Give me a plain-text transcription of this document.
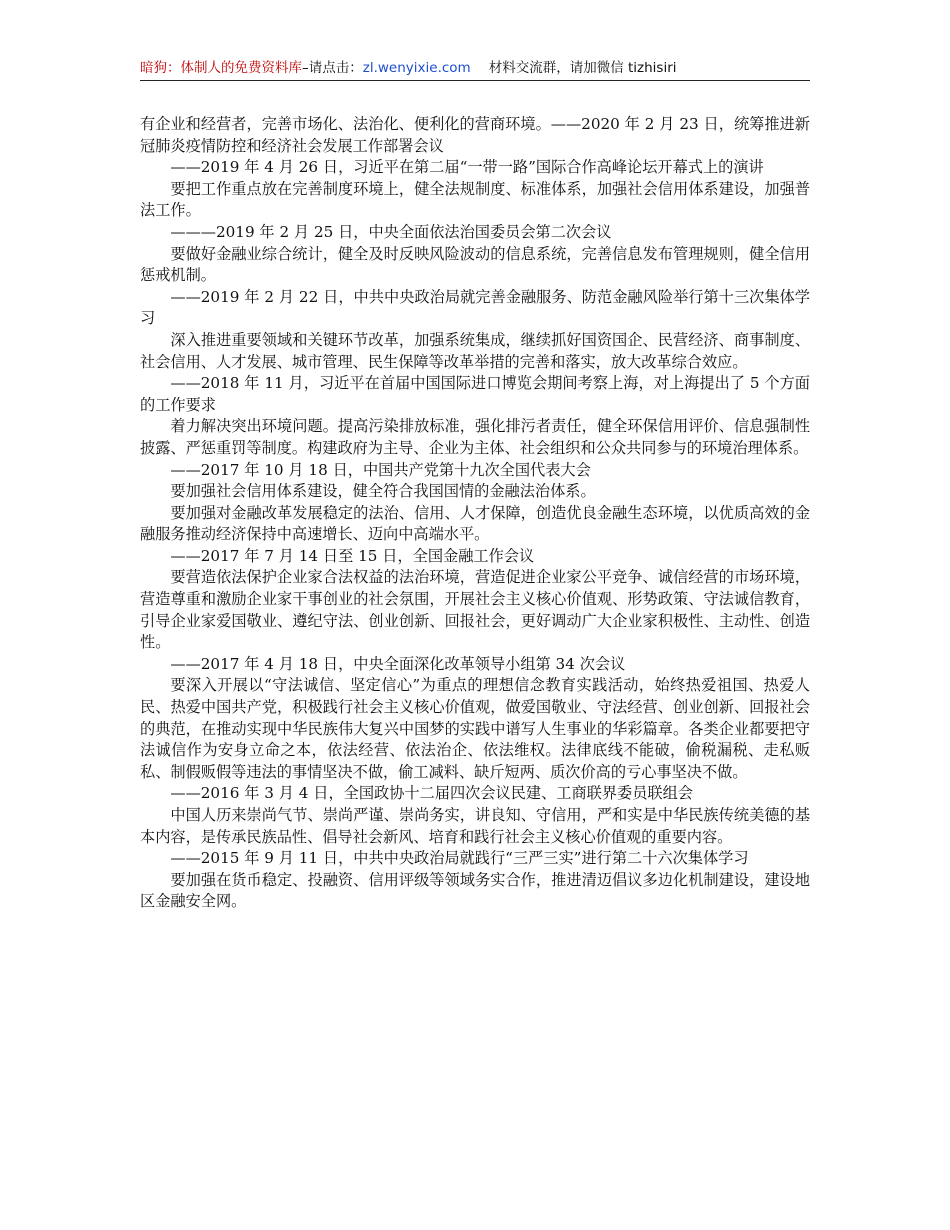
暗狗：体制人的免费资料库–请点击：zl.wenyixie.com 材料交流群，请加微信 tizhisiri

有企业和经营者，完善市场化、法治化、便利化的营商环境。——2020 年 2 月 23 日，统筹推进新冠肺炎疫情防控和经济社会发展工作部署会议

——2019 年 4 月 26 日，习近平在第二届“一带一路”国际合作高峰论坛开幕式上的演讲

要把工作重点放在完善制度环境上，健全法规制度、标准体系，加强社会信用体系建设，加强普法工作。

———2019 年 2 月 25 日，中央全面依法治国委员会第二次会议

要做好金融业综合统计，健全及时反映风险波动的信息系统，完善信息发布管理规则，健全信用惩戒机制。

——2019 年 2 月 22 日，中共中央政治局就完善金融服务、防范金融风险举行第十三次集体学习

深入推进重要领域和关键环节改革，加强系统集成，继续抓好国资国企、民营经济、商事制度、社会信用、人才发展、城市管理、民生保障等改革举措的完善和落实，放大改革综合效应。

——2018 年 11 月，习近平在首届中国国际进口博览会期间考察上海，对上海提出了 5 个方面的工作要求

着力解决突出环境问题。提高污染排放标准，强化排污者责任，健全环保信用评价、信息强制性披露、严惩重罚等制度。构建政府为主导、企业为主体、社会组织和公众共同参与的环境治理体系。

——2017 年 10 月 18 日，中国共产党第十九次全国代表大会

要加强社会信用体系建设，健全符合我国国情的金融法治体系。

要加强对金融改革发展稳定的法治、信用、人才保障，创造优良金融生态环境，以优质高效的金融服务推动经济保持中高速增长、迈向中高端水平。

——2017 年 7 月 14 日至 15 日，全国金融工作会议

要营造依法保护企业家合法权益的法治环境，营造促进企业家公平竞争、诚信经营的市场环境，营造尊重和激励企业家干事创业的社会氛围，开展社会主义核心价值观、形势政策、守法诚信教育，引导企业家爱国敬业、遵纪守法、创业创新、回报社会，更好调动广大企业家积极性、主动性、创造性。

——2017 年 4 月 18 日，中央全面深化改革领导小组第 34 次会议

要深入开展以“守法诚信、坚定信心”为重点的理想信念教育实践活动，始终热爱祖国、热爱人民、热爱中国共产党，积极践行社会主义核心价值观，做爱国敬业、守法经营、创业创新、回报社会的典范，在推动实现中华民族伟大复兴中国梦的实践中谱写人生事业的华彩篇章。各类企业都要把守法诚信作为安身立命之本，依法经营、依法治企、依法维权。法律底线不能破，偷税漏税、走私贩私、制假贩假等违法的事情坚决不做，偷工减料、缺斤短两、质次价高的亏心事坚决不做。

——2016 年 3 月 4 日，全国政协十二届四次会议民建、工商联界委员联组会

中国人历来崇尚气节、崇尚严谨、崇尚务实，讲良知、守信用，严和实是中华民族传统美德的基本内容，是传承民族品性、倡导社会新风、培育和践行社会主义核心价值观的重要内容。

——2015 年 9 月 11 日，中共中央政治局就践行“三严三实”进行第二十六次集体学习

要加强在货币稳定、投融资、信用评级等领域务实合作，推进清迈倡议多边化机制建设，建设地区金融安全网。
